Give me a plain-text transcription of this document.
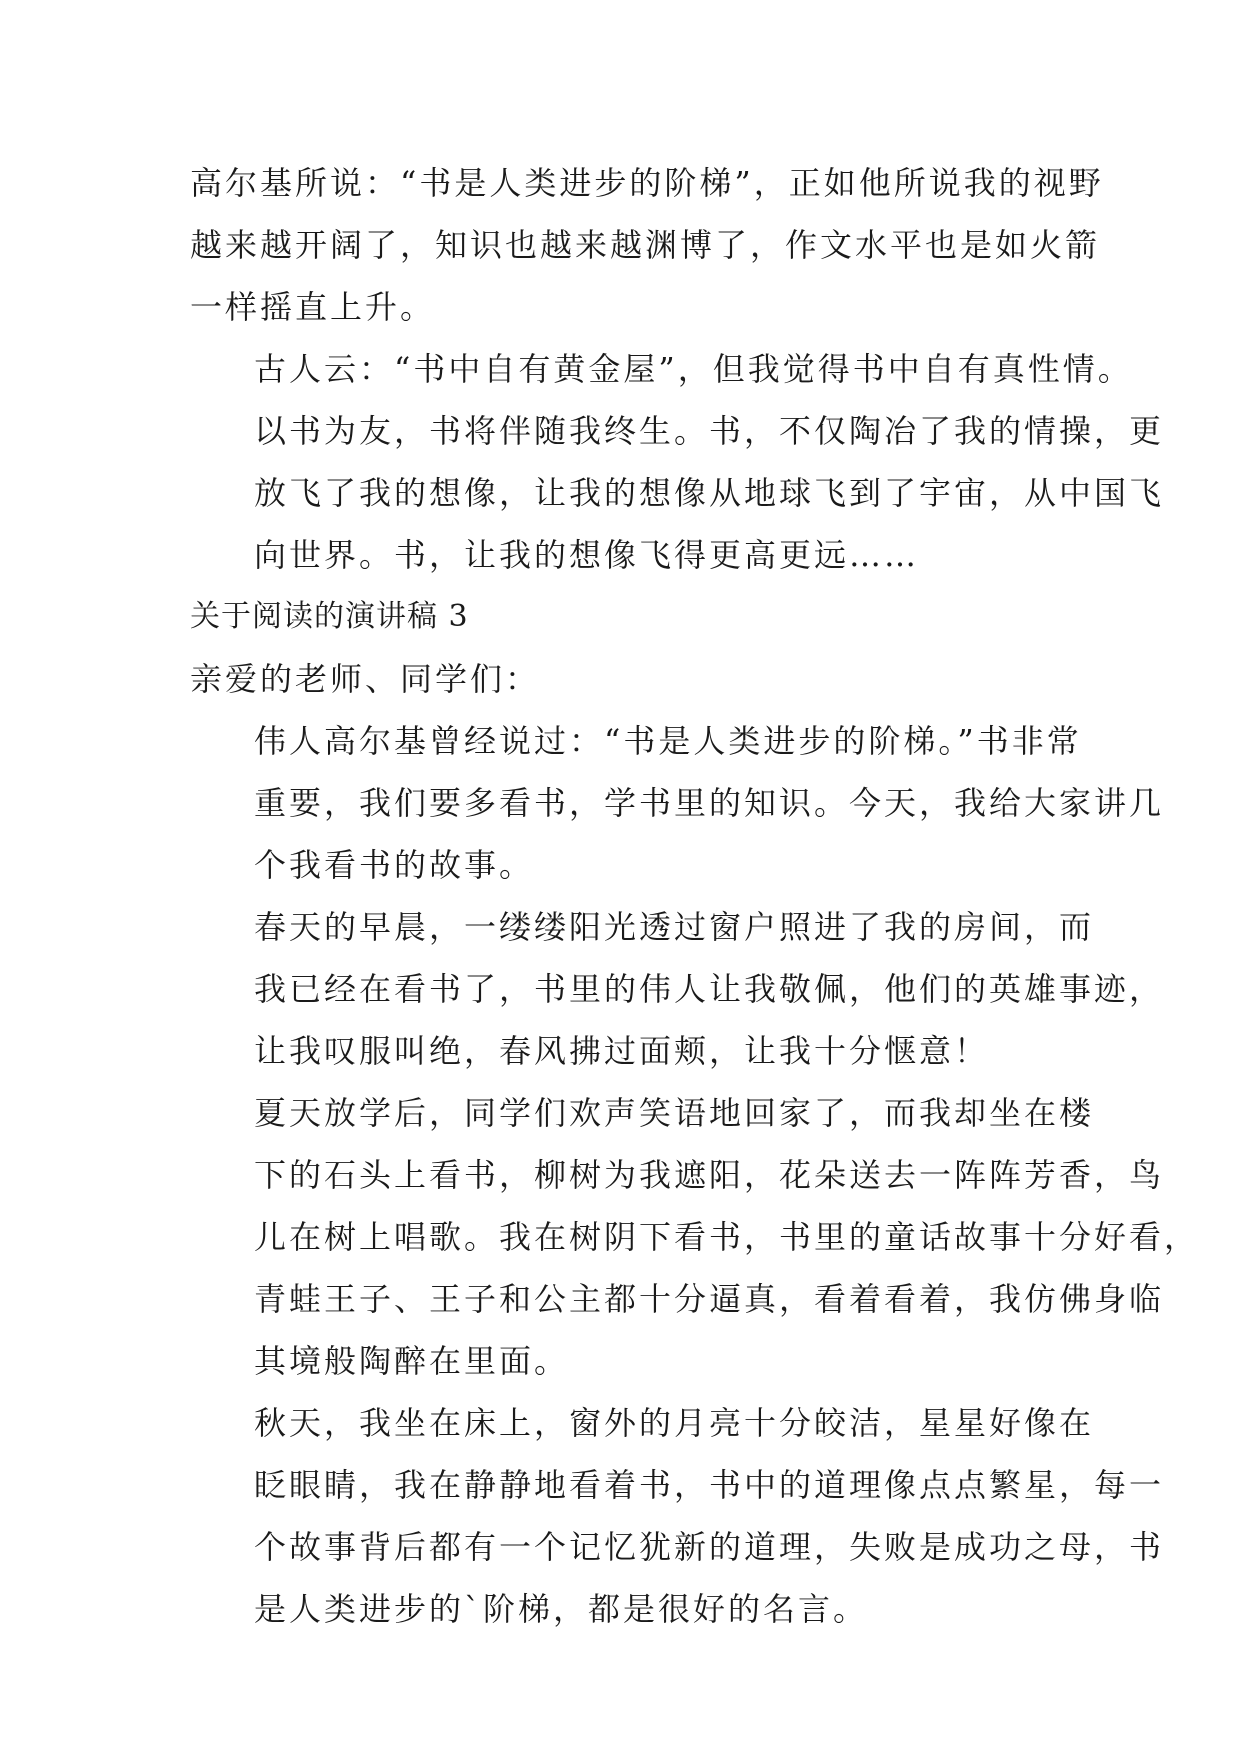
高尔基所说：“书是人类进步的阶梯”，正如他所说我的视野
越来越开阔了，知识也越来越渊博了，作文水平也是如火箭
一样摇直上升。

古人云：“书中自有黄金屋”，但我觉得书中自有真性情。
以书为友，书将伴随我终生。书，不仅陶冶了我的情操，更
放飞了我的想像，让我的想像从地球飞到了宇宙，从中国飞
向世界。书，让我的想像飞得更高更远……

关于阅读的演讲稿 3

亲爱的老师、同学们：

伟人高尔基曾经说过：“书是人类进步的阶梯。”书非常
重要，我们要多看书，学书里的知识。今天，我给大家讲几
个我看书的故事。

春天的早晨，一缕缕阳光透过窗户照进了我的房间，而
我已经在看书了，书里的伟人让我敬佩，他们的英雄事迹，
让我叹服叫绝，春风拂过面颊，让我十分惬意！

夏天放学后，同学们欢声笑语地回家了，而我却坐在楼
下的石头上看书，柳树为我遮阳，花朵送去一阵阵芳香，鸟
儿在树上唱歌。我在树阴下看书，书里的童话故事十分好看，
青蛙王子、王子和公主都十分逼真，看着看着，我仿佛身临
其境般陶醉在里面。

秋天，我坐在床上，窗外的月亮十分皎洁，星星好像在
眨眼睛，我在静静地看着书，书中的道理像点点繁星，每一
个故事背后都有一个记忆犹新的道理，失败是成功之母，书
是人类进步的`阶梯，都是很好的名言。
